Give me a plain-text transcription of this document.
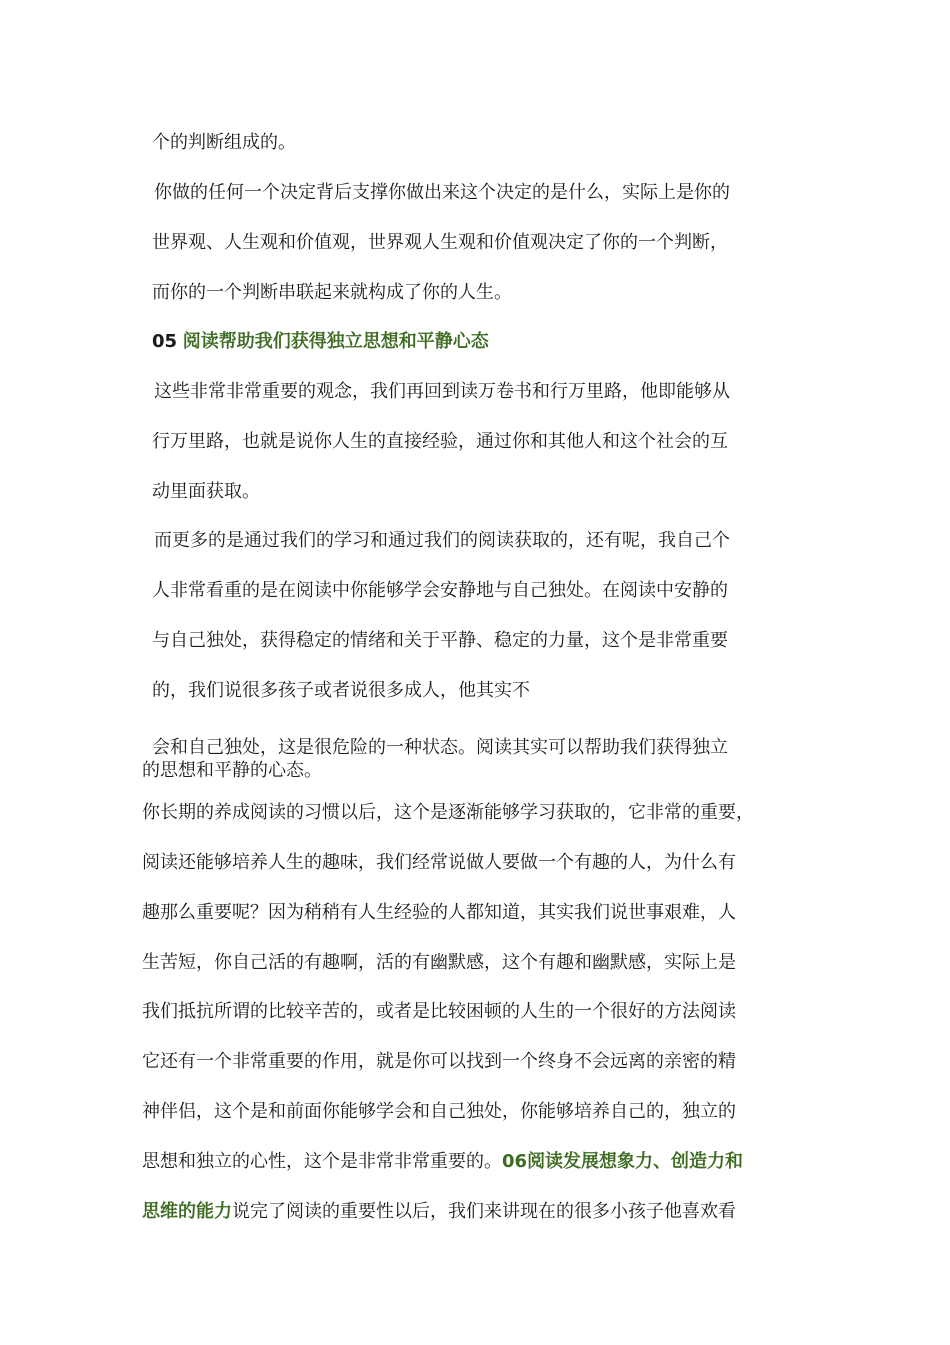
个的判断组成的。
你做的任何一个决定背后支撑你做出来这个决定的是什么，实际上是你的
世界观、人生观和价值观，世界观人生观和价值观决定了你的一个判断，
而你的一个判断串联起来就构成了你的人生。
05 阅读帮助我们获得独立思想和平静心态
这些非常非常重要的观念，我们再回到读万卷书和行万里路，他即能够从
行万里路，也就是说你人生的直接经验，通过你和其他人和这个社会的互
动里面获取。
而更多的是通过我们的学习和通过我们的阅读获取的，还有呢，我自己个
人非常看重的是在阅读中你能够学会安静地与自己独处。在阅读中安静的
与自己独处，获得稳定的情绪和关于平静、稳定的力量，这个是非常重要
的，我们说很多孩子或者说很多成人，他其实不
会和自己独处，这是很危险的一种状态。阅读其实可以帮助我们获得独立
的思想和平静的心态。
你长期的养成阅读的习惯以后，这个是逐渐能够学习获取的，它非常的重要，
阅读还能够培养人生的趣味，我们经常说做人要做一个有趣的人，为什么有
趣那么重要呢？因为稍稍有人生经验的人都知道，其实我们说世事艰难，人
生苦短，你自己活的有趣啊，活的有幽默感，这个有趣和幽默感，实际上是
我们抵抗所谓的比较辛苦的，或者是比较困顿的人生的一个很好的方法阅读
它还有一个非常重要的作用，就是你可以找到一个终身不会远离的亲密的精
神伴侣，这个是和前面你能够学会和自己独处，你能够培养自己的，独立的
思想和独立的心性，这个是非常非常重要的。06阅读发展想象力、创造力和
思维的能力说完了阅读的重要性以后，我们来讲现在的很多小孩子他喜欢看
